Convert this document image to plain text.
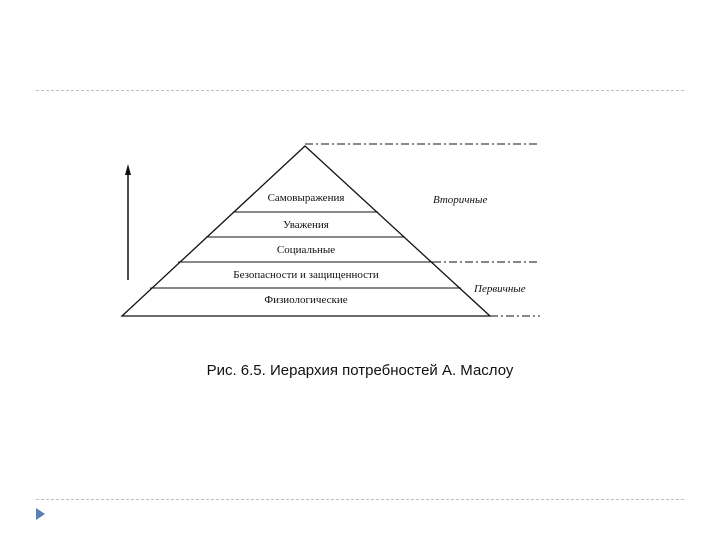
Самовыражения
Уважения
Социальные
Безопасности и защищенности
Физиологические
Вторичные
Первичные
Рис. 6.5. Иерархия потребностей А. Маслоу
